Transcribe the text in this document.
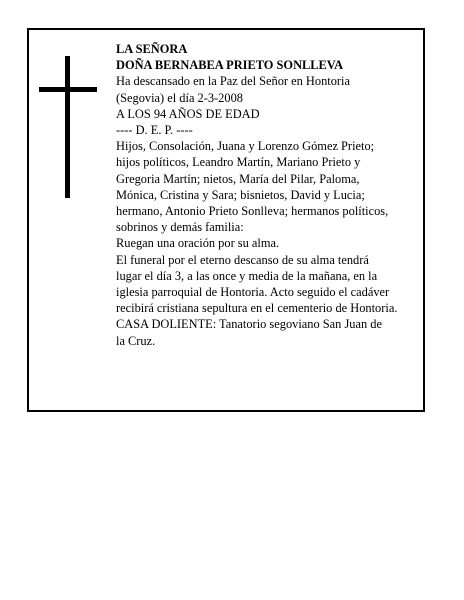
LA SEÑORA
DOÑA BERNABEA PRIETO SONLLEVA
Ha descansado en la Paz del Señor en Hontoria
(Segovia) el día 2-3-2008
A LOS 94 AÑOS DE EDAD
---- D. E. P. ----
Hijos, Consolación, Juana y Lorenzo Gómez Prieto;
hijos políticos, Leandro Martín, Mariano Prieto y
Gregoria Martín; nietos, María del Pilar, Paloma,
Mónica, Cristina y Sara; bisnietos, David y Lucia;
hermano, Antonio Prieto Sonlleva; hermanos políticos,
sobrinos y demás familia:
Ruegan una oración por su alma.
El funeral por el eterno descanso de su alma tendrá
lugar el día 3, a las once y media de la mañana, en la
iglesia parroquial de Hontoria. Acto seguido el cadáver
recibirá cristiana sepultura en el cementerio de Hontoria.
CASA DOLIENTE: Tanatorio segoviano San Juan de
la Cruz.
